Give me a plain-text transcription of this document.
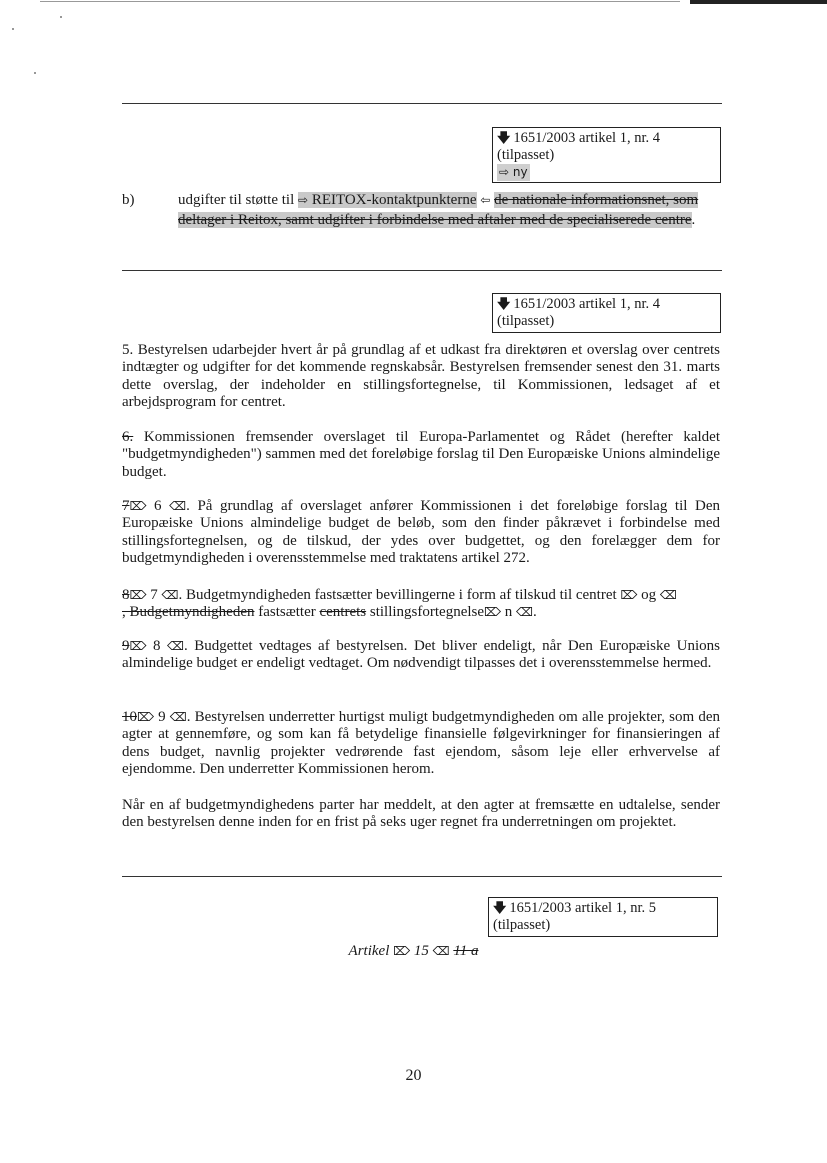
🡇 1651/2003 artikel 1, nr. 4
(tilpasset)
⇨ ny
b)	udgifter til støtte til ⇨ REITOX-kontaktpunkterne ⇦ de nationale informationsnet, som deltager i Reitox, samt udgifter i forbindelse med aftaler med de specialiserede centre.
🡇 1651/2003 artikel 1, nr. 4
(tilpasset)
5. Bestyrelsen udarbejder hvert år på grundlag af et udkast fra direktøren et overslag over centrets indtægter og udgifter for det kommende regnskabsår. Bestyrelsen fremsender senest den 31. marts dette overslag, der indeholder en stillingsfortegnelse, til Kommissionen, ledsaget af et arbejdsprogram for centret.
6. Kommissionen fremsender overslaget til Europa-Parlamentet og Rådet (herefter kaldet "budgetmyndigheden") sammen med det foreløbige forslag til Den Europæiske Unions almindelige budget.
7⌦ 6 ⌫. På grundlag af overslaget anfører Kommissionen i det foreløbige forslag til Den Europæiske Unions almindelige budget de beløb, som den finder påkrævet i forbindelse med stillingsfortegnelsen, og de tilskud, der ydes over budgettet, og den forelægger dem for budgetmyndigheden i overensstemmelse med traktatens artikel 272.
8⌦ 7 ⌫. Budgetmyndigheden fastsætter bevillingerne i form af tilskud til centret ⌦ og ⌫
, Budgetmyndigheden fastsætter centrets stillingsfortegnelse⌦ n ⌫.
9⌦ 8 ⌫. Budgettet vedtages af bestyrelsen. Det bliver endeligt, når Den Europæiske Unions almindelige budget er endeligt vedtaget. Om nødvendigt tilpasses det i overensstemmelse hermed.
10⌦ 9 ⌫. Bestyrelsen underretter hurtigst muligt budgetmyndigheden om alle projekter, som den agter at gennemføre, og som kan få betydelige finansielle følgevirkninger for finansieringen af dens budget, navnlig projekter vedrørende fast ejendom, såsom leje eller erhvervelse af ejendomme. Den underretter Kommissionen herom.
Når en af budgetmyndighedens parter har meddelt, at den agter at fremsætte en udtalelse, sender den bestyrelsen denne inden for en frist på seks uger regnet fra underretningen om projektet.
🡇 1651/2003 artikel 1, nr. 5
(tilpasset)
Artikel ⌦ 15 ⌫ 11 a
20
